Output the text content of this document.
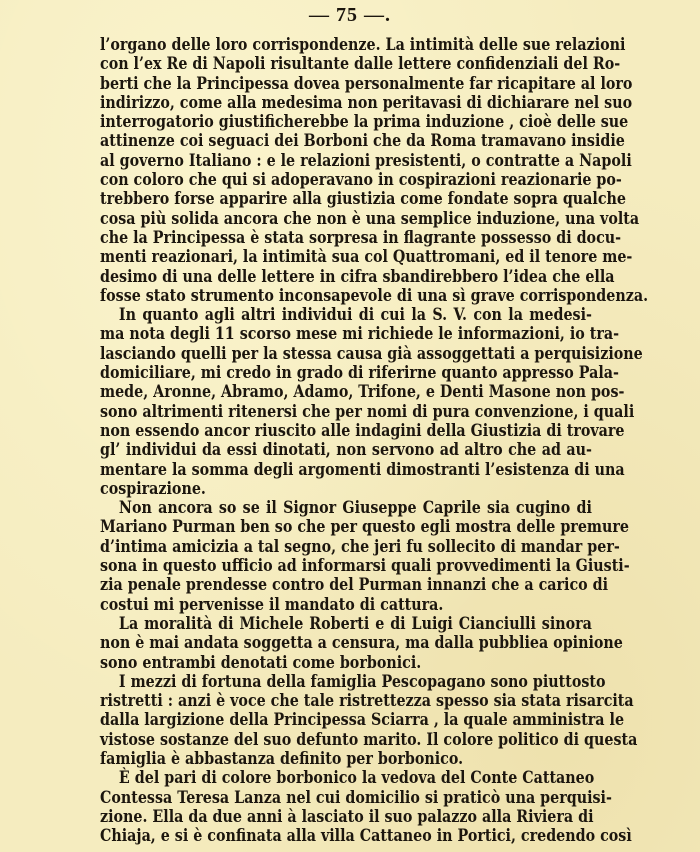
— 75 —.
l’organo delle loro corrispondenze. La intimità delle sue relazioni
con l’ex Re di Napoli risultante dalle lettere confidenziali del Ro-
berti che la Principessa dovea personalmente far ricapitare al loro
indirizzo, come alla medesima non peritavasi di dichiarare nel suo
interrogatorio giustificherebbe la prima induzione , cioè delle sue
attinenze coi seguaci dei Borboni che da Roma tramavano insidie
al governo Italiano : e le relazioni presistenti, o contratte a Napoli
con coloro che qui si adoperavano in cospirazioni reazionarie po-
trebbero forse apparire alla giustizia come fondate sopra qualche
cosa più solida ancora che non è una semplice induzione, una volta
che la Principessa è stata sorpresa in flagrante possesso di docu-
menti reazionari, la intimità sua col Quattromani, ed il tenore me-
desimo di una delle lettere in cifra sbandirebbero l’idea che ella
fosse stato strumento inconsapevole di una sì grave corrispondenza.
In quanto agli altri individui di cui la S. V. con la medesi-
ma nota degli 11 scorso mese mi richiede le informazioni, io tra-
lasciando quelli per la stessa causa già assoggettati a perquisizione
domiciliare, mi credo in grado di riferirne quanto appresso Pala-
mede, Aronne, Abramo, Adamo, Trifone, e Denti Masone non pos-
sono altrimenti ritenersi che per nomi di pura convenzione, i quali
non essendo ancor riuscito alle indagini della Giustizia di trovare
gl’ individui da essi dinotati, non servono ad altro che ad au-
mentare la somma degli argomenti dimostranti l’esistenza di una
cospirazione.
Non ancora so se il Signor Giuseppe Caprile sia cugino di
Mariano Purman ben so che per questo egli mostra delle premure
d’intima amicizia a tal segno, che jeri fu sollecito di mandar per-
sona in questo ufficio ad informarsi quali provvedimenti la Giusti-
zia penale prendesse contro del Purman innanzi che a carico di
costui mi pervenisse il mandato di cattura.
La moralità di Michele Roberti e di Luigi Cianciulli sinora
non è mai andata soggetta a censura, ma dalla pubbliea opinione
sono entrambi denotati come borbonici.
I mezzi di fortuna della famiglia Pescopagano sono piuttosto
ristretti : anzi è voce che tale ristrettezza spesso sia stata risarcita
dalla largizione della Principessa Sciarra , la quale amministra le
vistose sostanze del suo defunto marito. Il colore politico di questa
famiglia è abbastanza definito per borbonico.
È del pari di colore borbonico la vedova del Conte Cattaneo
Contessa Teresa Lanza nel cui domicilio si praticò una perquisi-
zione. Ella da due anni à lasciato il suo palazzo alla Riviera di
Chiaja, e si è confinata alla villa Cattaneo in Portici, credendo così
